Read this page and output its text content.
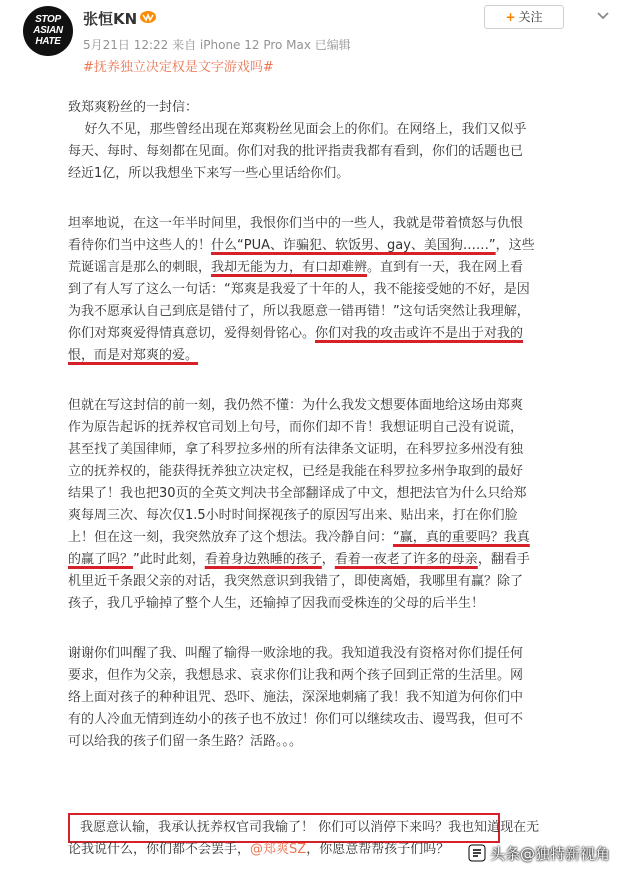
STOP
ASIAN
HATE
张恒KN
5月21日 12:22 来自 iPhone 12 Pro Max 已编辑
+ 关注
#抚养独立决定权是文字游戏吗#
致郑爽粉丝的一封信：
好久不见，那些曾经出现在郑爽粉丝见面会上的你们。在网络上，我们又似乎
每天、每时、每刻都在见面。你们对我的批评指责我都有看到，你们的话题也已
经近1亿，所以我想坐下来写一些心里话给你们。
坦率地说，在这一年半时间里，我恨你们当中的一些人，我就是带着愤怒与仇恨
看待你们当中这些人的！什么“PUA、诈骗犯、软饭男、gay、美国狗……”，这些
荒诞谣言是那么的刺眼，我却无能为力，有口却难辨。直到有一天，我在网上看
到了有人写了这么一句话：“郑爽是我爱了十年的人，我不能接受她的不好，是因
为我不愿承认自己到底是错付了，所以我愿意一错再错！”这句话突然让我理解，
你们对郑爽爱得情真意切，爱得刻骨铭心。你们对我的攻击或许不是出于对我的
恨，而是对郑爽的爱。
但就在写这封信的前一刻，我仍然不懂：为什么我发文想要体面地给这场由郑爽
作为原告起诉的抚养权官司划上句号，而你们却不肯！我想证明自己没有说谎，
甚至找了美国律师，拿了科罗拉多州的所有法律条文证明，在科罗拉多州没有独
立的抚养权的，能获得抚养独立决定权，已经是我能在科罗拉多州争取到的最好
结果了！我也把30页的全英文判决书全部翻译成了中文，想把法官为什么只给郑
爽每周三次、每次仅1.5小时时间探视孩子的原因写出来、贴出来，打在你们脸
上！但在这一刻，我突然放弃了这个想法。我冷静自问：“赢，真的重要吗？我真
的赢了吗？”此时此刻，看着身边熟睡的孩子，看着一夜老了许多的母亲，翻看手
机里近千条跟父亲的对话，我突然意识到我错了，即使离婚，我哪里有赢？除了
孩子，我几乎输掉了整个人生，还输掉了因我而受株连的父母的后半生！
谢谢你们叫醒了我、叫醒了输得一败涂地的我。我知道我没有资格对你们提任何
要求，但作为父亲，我想恳求、哀求你们让我和两个孩子回到正常的生活里。网
络上面对孩子的种种诅咒、恐吓、施法，深深地刺痛了我！我不知道为何你们中
有的人冷血无情到连幼小的孩子也不放过！你们可以继续攻击、谩骂我，但可不
可以给我的孩子们留一条生路？活路。。。
我愿意认输，我承认抚养权官司我输了！ 你们可以消停下来吗？我也知道现在无
论我说什么，你们都不会罢手，@郑爽SZ，你愿意帮帮孩子们吗？	头条@独特新视角
